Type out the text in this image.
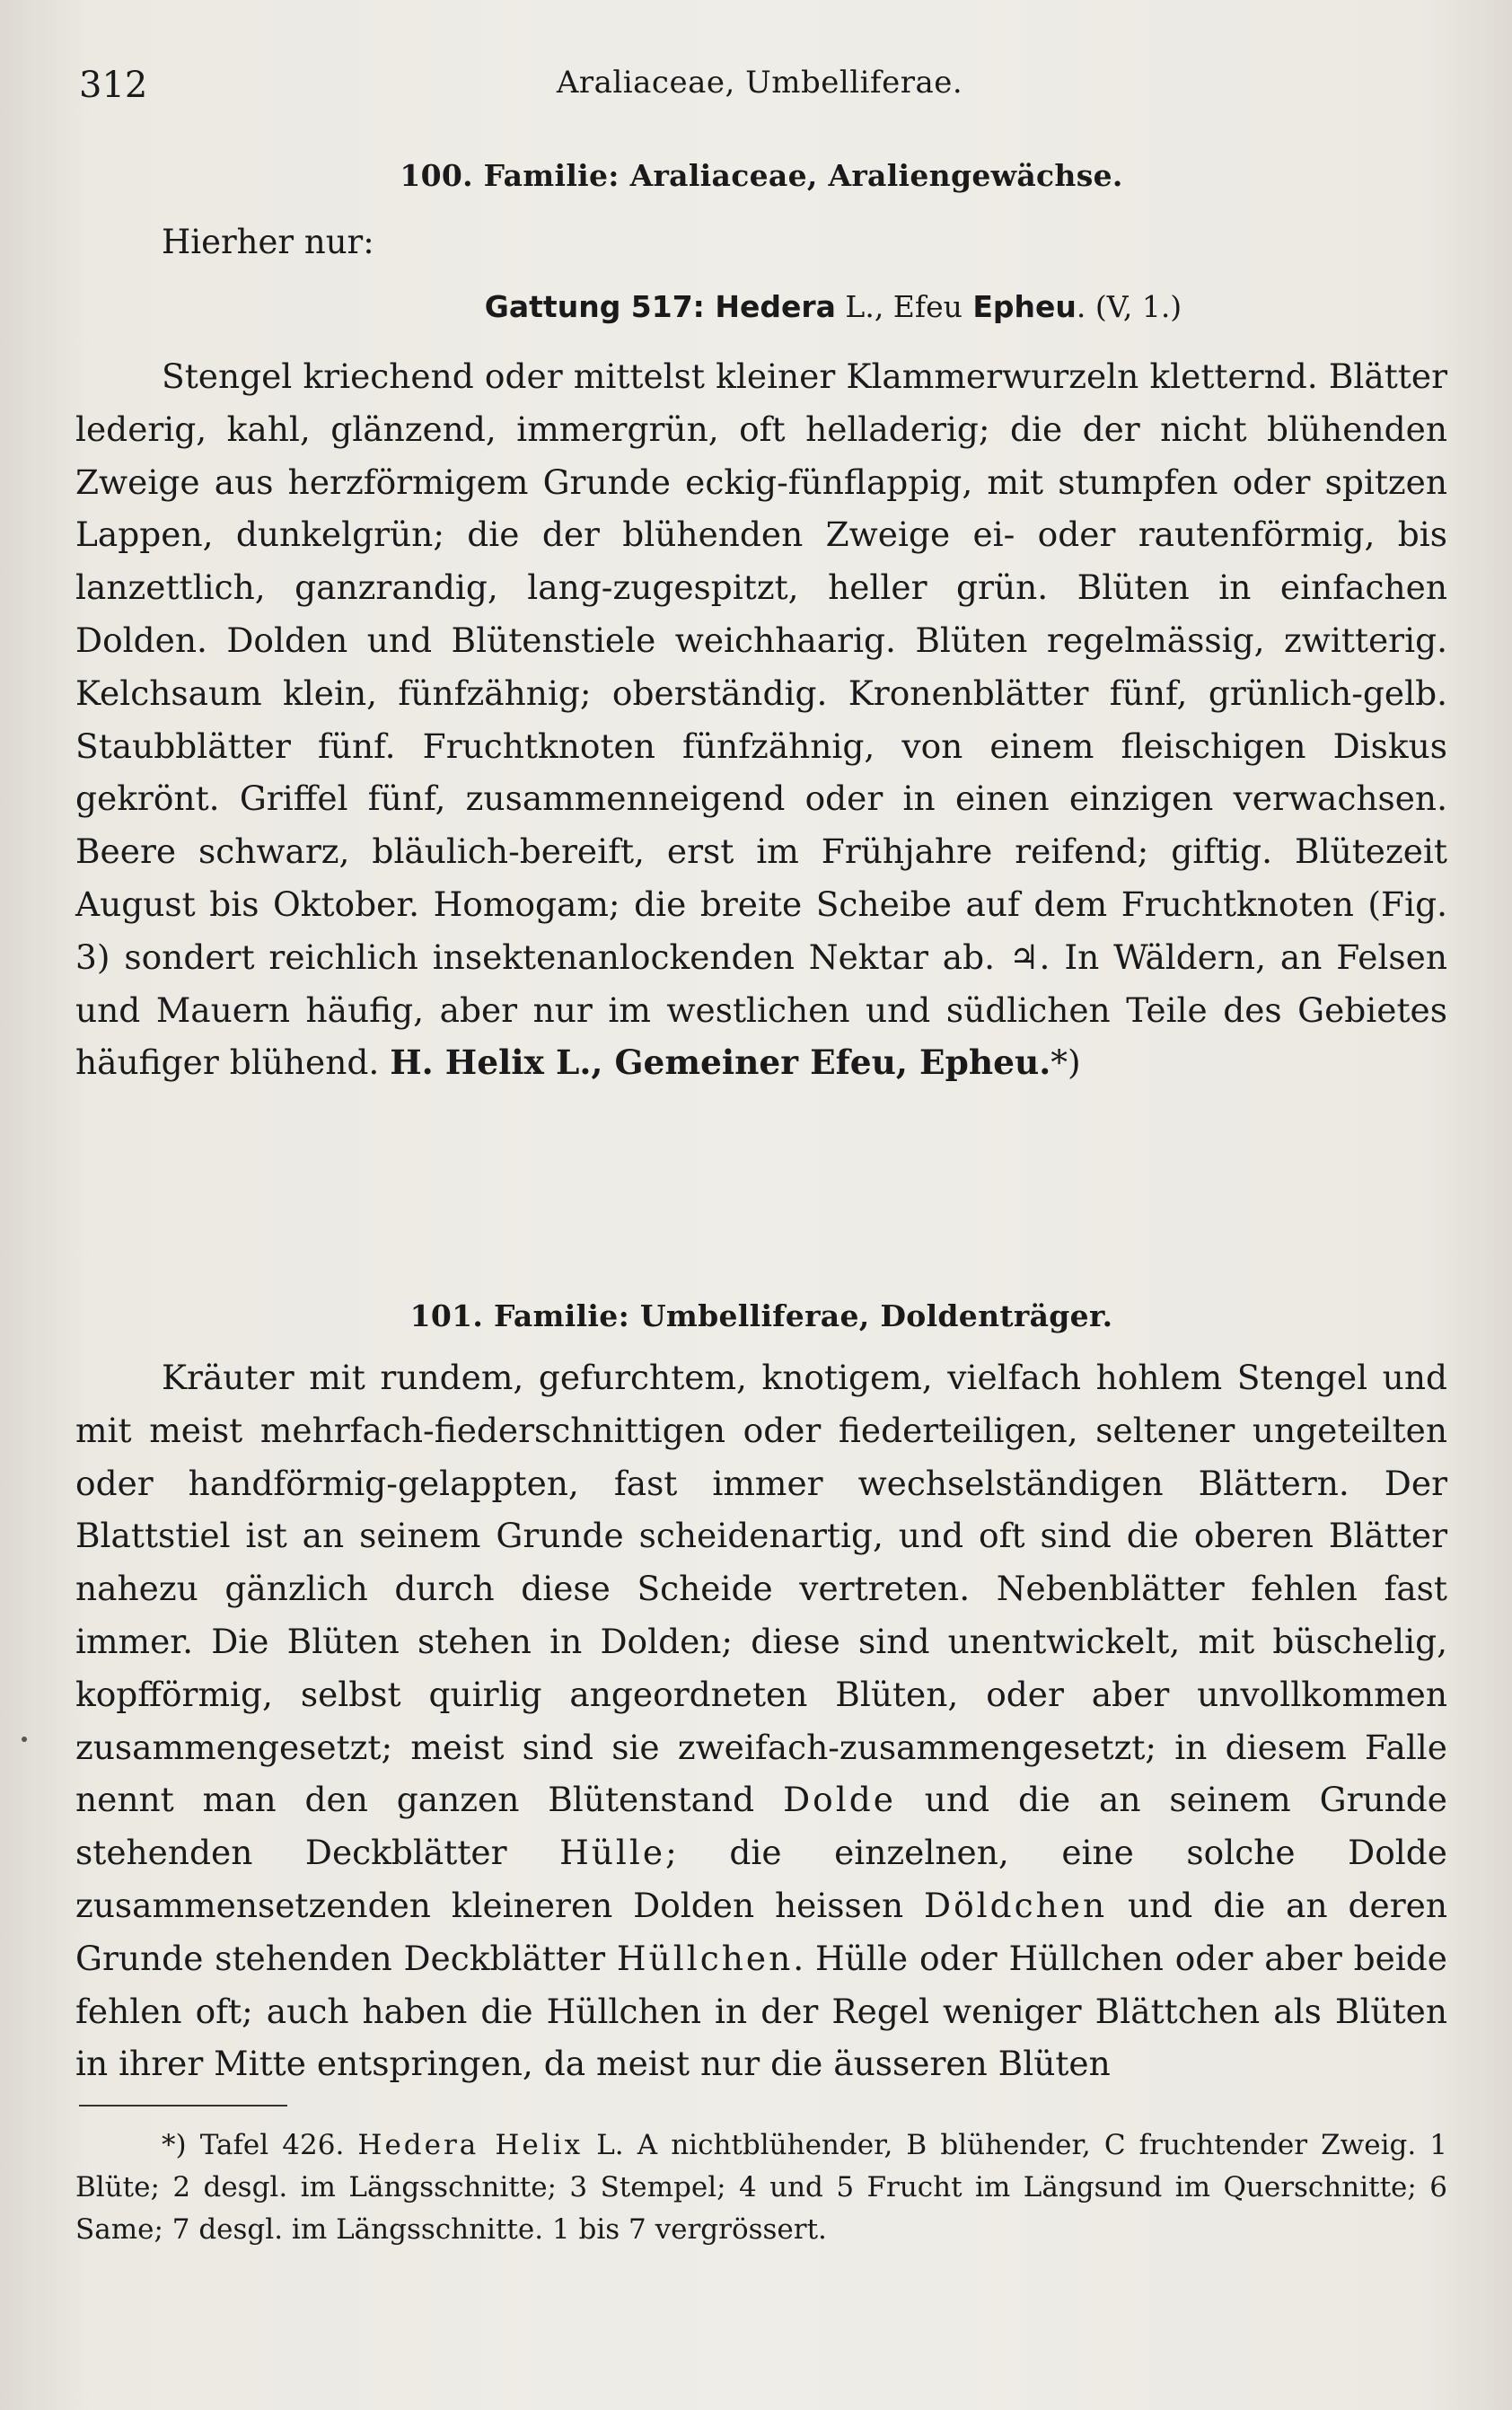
312	Araliaceae, Umbelliferae.
100. Familie: Araliaceae, Araliengewächse.
Hierher nur:
Gattung 517: Hedera L., Efeu Epheu. (V, 1.)

Stengel kriechend oder mittelst kleiner Klammerwurzeln kletternd. Blätter lederig, kahl, glänzend, immergrün, oft helladerig; die der nicht blühenden Zweige aus herzförmigem Grunde eckig-fünflappig, mit stumpfen oder spitzen Lappen, dunkelgrün; die der blühenden Zweige ei- oder rautenförmig, bis lanzettlich, ganzrandig, lang-zugespitzt, heller grün. Blüten in einfachen Dolden. Dolden und Blütenstiele weichhaarig. Blüten regelmässig, zwitterig. Kelchsaum klein, fünfzähnig; oberständig. Kronenblätter fünf, grünlich-gelb. Staubblätter fünf. Fruchtknoten fünfzähnig, von einem fleischigen Diskus gekrönt. Griffel fünf, zusammenneigend oder in einen einzigen verwachsen. Beere schwarz, bläulich-bereift, erst im Frühjahre reifend; giftig. Blütezeit August bis Oktober. Homogam; die breite Scheibe auf dem Fruchtknoten (Fig. 3) sondert reichlich insektenanlockenden Nektar ab. ♃. In Wäldern, an Felsen und Mauern häufig, aber nur im westlichen und südlichen Teile des Gebietes häufiger blühend. H. Helix L., Gemeiner Efeu, Epheu.*)

101. Familie: Umbelliferae, Doldenträger.

Kräuter mit rundem, gefurchtem, knotigem, vielfach hohlem Stengel und mit meist mehrfach-fiederschnittigen oder fiederteiligen, seltener ungeteilten oder handförmig-gelappten, fast immer wechselständigen Blättern. Der Blattstiel ist an seinem Grunde scheidenartig, und oft sind die oberen Blätter nahezu gänzlich durch diese Scheide vertreten. Nebenblätter fehlen fast immer. Die Blüten stehen in Dolden; diese sind unentwickelt, mit büschelig, kopfförmig, selbst quirlig angeordneten Blüten, oder aber unvollkommen zusammengesetzt; meist sind sie zweifach-zusammengesetzt; in diesem Falle nennt man den ganzen Blütenstand Dolde und die an seinem Grunde stehenden Deckblätter Hülle; die einzelnen, eine solche Dolde zusammensetzenden kleineren Dolden heissen Döldchen und die an deren Grunde stehenden Deckblätter Hüllchen. Hülle oder Hüllchen oder aber beide fehlen oft; auch haben die Hüllchen in der Regel weniger Blättchen als Blüten in ihrer Mitte entspringen, da meist nur die äusseren Blüten

*) Tafel 426. Hedera Helix L. A nichtblühender, B blühender, C fruchtender Zweig. 1 Blüte; 2 desgl. im Längsschnitte; 3 Stempel; 4 und 5 Frucht im Längsund im Querschnitte; 6 Same; 7 desgl. im Längsschnitte. 1 bis 7 vergrössert.
